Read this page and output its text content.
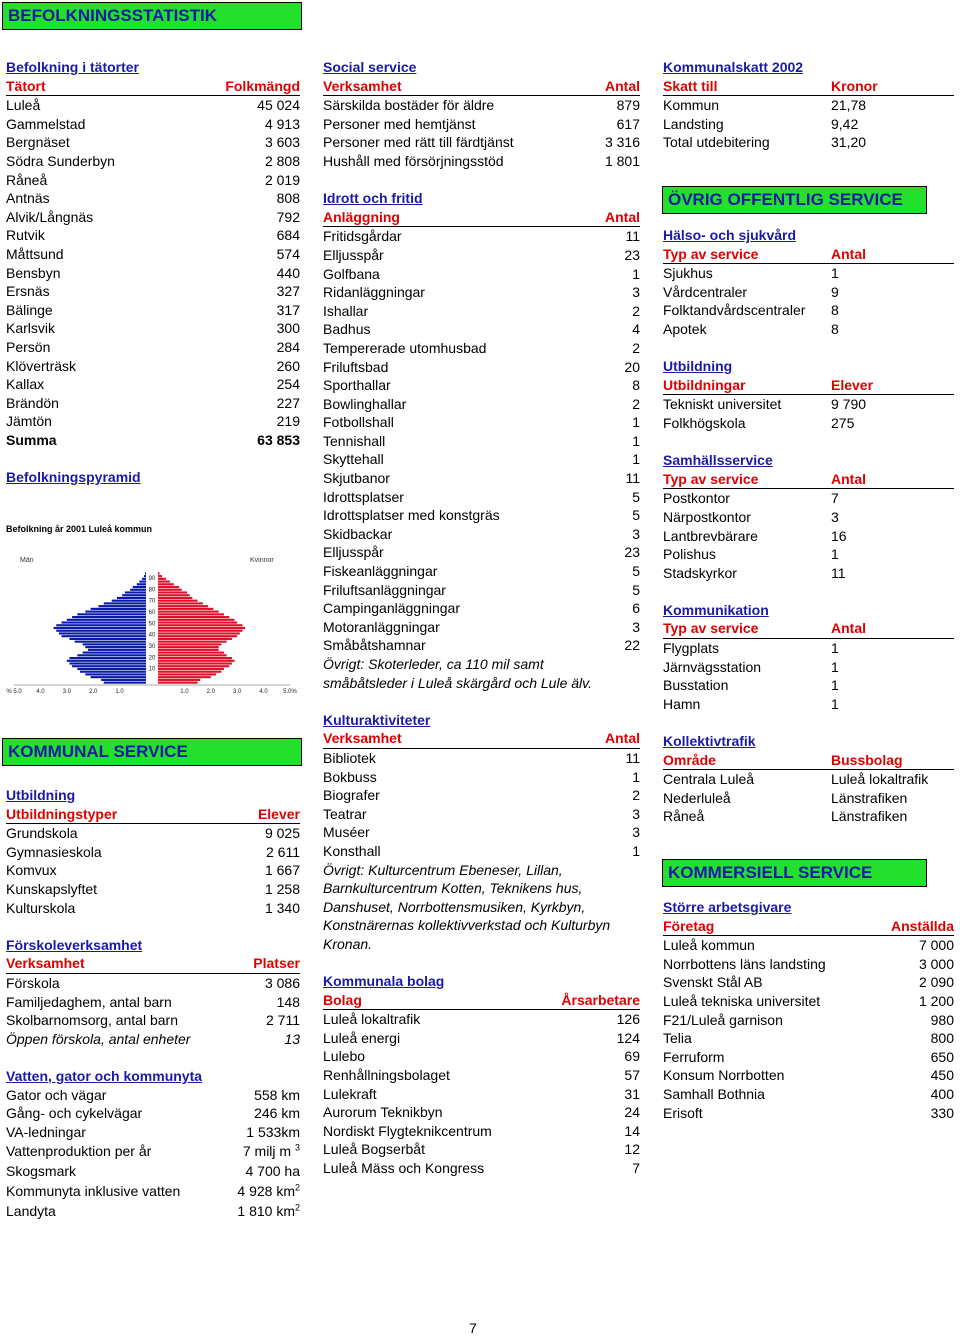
BEFOLKNINGSSTATISTIK
Befolkning i tätorter
Tätort	Folkmängd
Luleå	45 024
Gammelstad	4 913
Bergnäset	3 603
Södra Sunderbyn	2 808
Råneå	2 019
Antnäs	808
Alvik/Långnäs	792
Rutvik	684
Måttsund	574
Bensbyn	440
Ersnäs	327
Bälinge	317
Karlsvik	300
Persön	284
Klöverträsk	260
Kallax	254
Brändön	227
Jämtön	219
Summa	63 853
Befolkningspyramid
Befolkning år 2001 Luleå kommun
Män	Kvinnor
90
80
70
60
50
40
30
20
10
% 5.0 4.0	3.0	2.0	1.0	1.0	2.0	3.0	4.0	5.0%
KOMMUNAL SERVICE
Utbildning
Utbildningstyper	Elever
Grundskola	9 025
Gymnasieskola	2 611
Komvux	1 667
Kunskapslyftet	1 258
Kulturskola	1 340
Förskoleverksamhet
Verksamhet	Platser
Förskola	3 086
Familjedaghem, antal barn	148
Skolbarnomsorg, antal barn	2 711
Öppen förskola, antal enheter	13
Vatten, gator och kommunyta
Gator och vägar	558 km
Gång- och cykelvägar	246 km
VA-ledningar	1 533km
Vattenproduktion per år	7 milj m $^3$
Skogsmark	4 700 ha
Kommunyta inklusive vatten	4 928 $km^2$
Landyta	1 810 $km^2$
Social service
Verksamhet	Antal
Särskilda bostäder för äldre	879
Personer med hemtjänst	617
Personer med rätt till färdtjänst	3 316
Hushåll med försörjningsstöd	1 801
Idrott och fritid
Anläggning	Antal
Fritidsgårdar	11
Elljusspår	23
Golfbana	1
Ridanläggningar	3
Ishallar	2
Badhus	4
Tempererade utomhusbad	2
Friluftsbad	20
Sporthallar	8
Bowlinghallar	2
Fotbollshall	1
Tennishall	1
Skyttehall	1
Skjutbanor	11
Idrottsplatser	5
Idrottsplatser med konstgräs	5
Skidbackar	3
Elljusspår	23
Fiskeanläggningar	5
Friluftsanläggningar	5
Campinganläggningar	6
Motoranläggningar	3
Småbåtshamnar	22
Övrigt: Skoterleder, ca 110 mil samt småbåtsleder i Luleå skärgård och Lule älv.
Kulturaktiviteter
Verksamhet	Antal
Bibliotek	11
Bokbuss	1
Biografer	2
Teatrar	3
Muséer	3
Konsthall	1
Övrigt: Kulturcentrum Ebeneser, Lillan, Barnkulturcentrum Kotten, Teknikens hus, Danshuset, Norrbottensmusiken, Kyrkbyn, Konstnärernas kollektivverkstad och Kulturbyn Kronan.
Kommunala bolag
Bolag	Årsarbetare
Luleå lokaltrafik	126
Luleå energi	124
Lulebo	69
Renhållningsbolaget	57
Lulekraft	31
Aurorum Teknikbyn	24
Nordiskt Flygteknikcentrum	14
Luleå Bogserbåt	12
Luleå Mäss och Kongress	7
Kommunalskatt 2002
Skatt till	Kronor
Kommun	21,78
Landsting	9,42
Total utdebitering	31,20
ÖVRIG OFFENTLIG SERVICE
Hälso- och sjukvård
Typ av service	Antal
Sjukhus	1
Vårdcentraler	9
Folktandvårdscentraler 8
Apotek	8
Utbildning
Utbildningar	Elever
Tekniskt universitet	9 790
Folkhögskola	275
Samhällsservice
Typ av service	Antal
Postkontor	7
Närpostkontor	3
Lantbrevbärare	16
Polishus	1
Stadskyrkor	11
Kommunikation
Typ av service	Antal
Flygplats	1
Järnvägsstation	1
Busstation	1
Hamn	1
Kollektivtrafik
Område	Bussbolag
Centrala Luleå	Luleå lokaltrafik
Nederluleå	Länstrafiken
Råneå	Länstrafiken
KOMMERSIELL SERVICE
Större arbetsgivare
Företag	Anställda
Luleå kommun	7 000
Norrbottens läns landsting	3 000
Svenskt Stål AB	2 090
Luleå tekniska universitet	1 200
F21/Luleå garnison	980
Telia	800
Ferruform	650
Konsum Norrbotten	450
Samhall Bothnia	400
Erisoft	330
7
